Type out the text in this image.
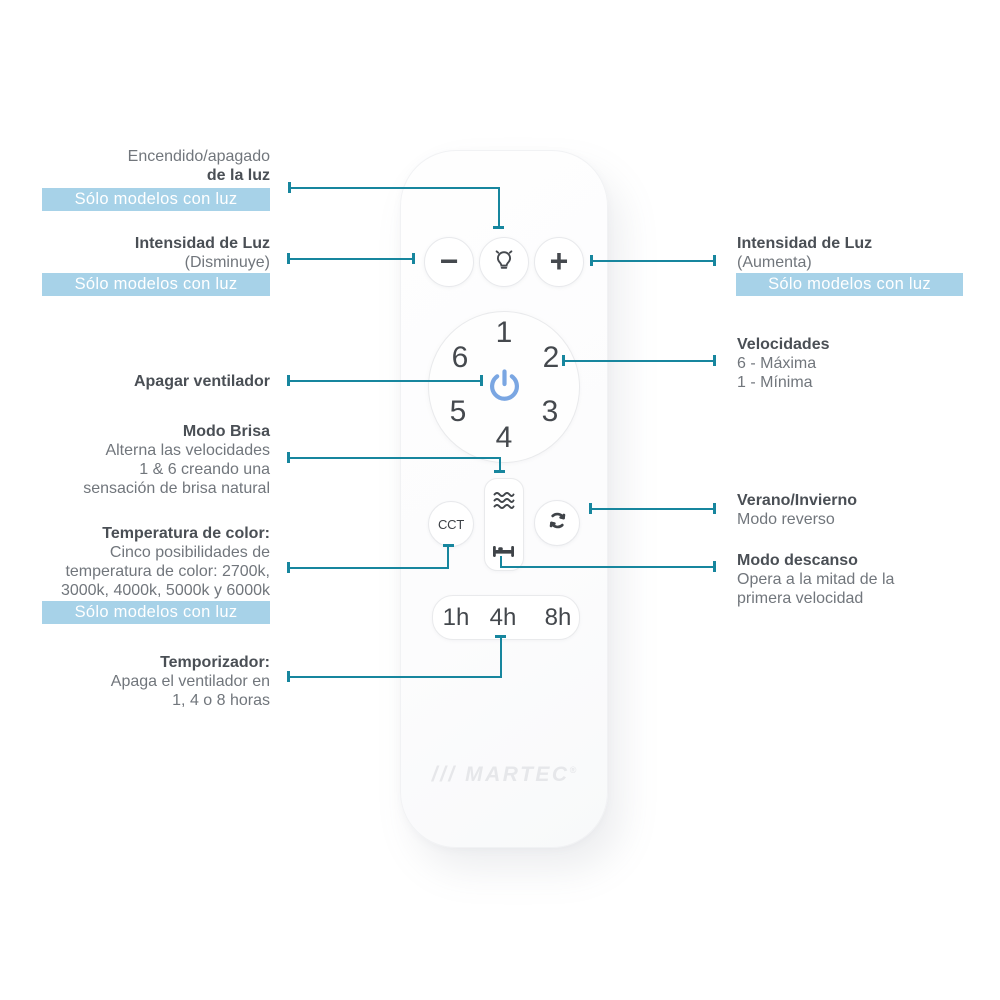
Encendido/apagado
de la luz
Sólo modelos con luz
Intensidad de Luz
(Disminuye)
Sólo modelos con luz
Apagar ventilador
Modo Brisa
Alterna las velocidades
1 & 6 creando una
sensación de brisa natural
Temperatura de color:
Cinco posibilidades de
temperatura de color: 2700k,
3000k, 4000k, 5000k y 6000k
Sólo modelos con luz
Temporizador:
Apaga el ventilador en
1, 4 o 8 horas
Intensidad de Luz
(Aumenta)
Sólo modelos con luz
Velocidades
6 - Máxima
1 - Mínima
Verano/Invierno
Modo reverso
Modo descanso
Opera a la mitad de la
primera velocidad
−	+
1
2
3
4
5
6
CCT
1h 4h 8h
/// MARTEC®
